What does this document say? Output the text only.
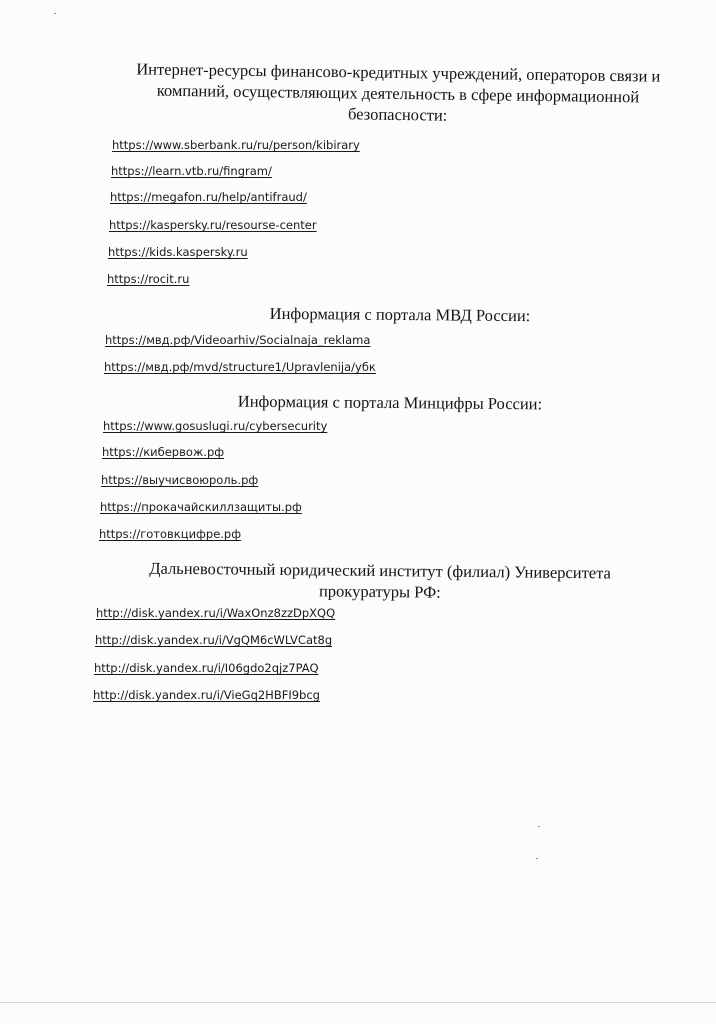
Интернет-ресурсы финансово-кредитных учреждений, операторов связи и
компаний, осуществляющих деятельность в сфере информационной
безопасности:
https://www.sberbank.ru/ru/person/kibirary
https://learn.vtb.ru/fingram/
https://megafon.ru/help/antifraud/
https://kaspersky.ru/resourse-center
https://kids.kaspersky.ru
https://rocit.ru
Информация с портала МВД России:
https://мвд.рф/Videoarhiv/Socialnaja_reklama
https://мвд.рф/mvd/structure1/Upravlenija/убк
Информация с портала Минцифры России:
https://www.gosuslugi.ru/cybersecurity
https://кибервож.рф
https://выучисвоюроль.рф
https://прокачайскиллзащиты.рф
https://готовкцифре.рф
Дальневосточный юридический институт (филиал) Университета
прокуратуры РФ:
http://disk.yandex.ru/i/WaxOnz8zzDpXQQ
http://disk.yandex.ru/i/VgQM6cWLVCat8g
http://disk.yandex.ru/i/I06gdo2qjz7PAQ
http://disk.yandex.ru/i/VieGq2HBFI9bcg
